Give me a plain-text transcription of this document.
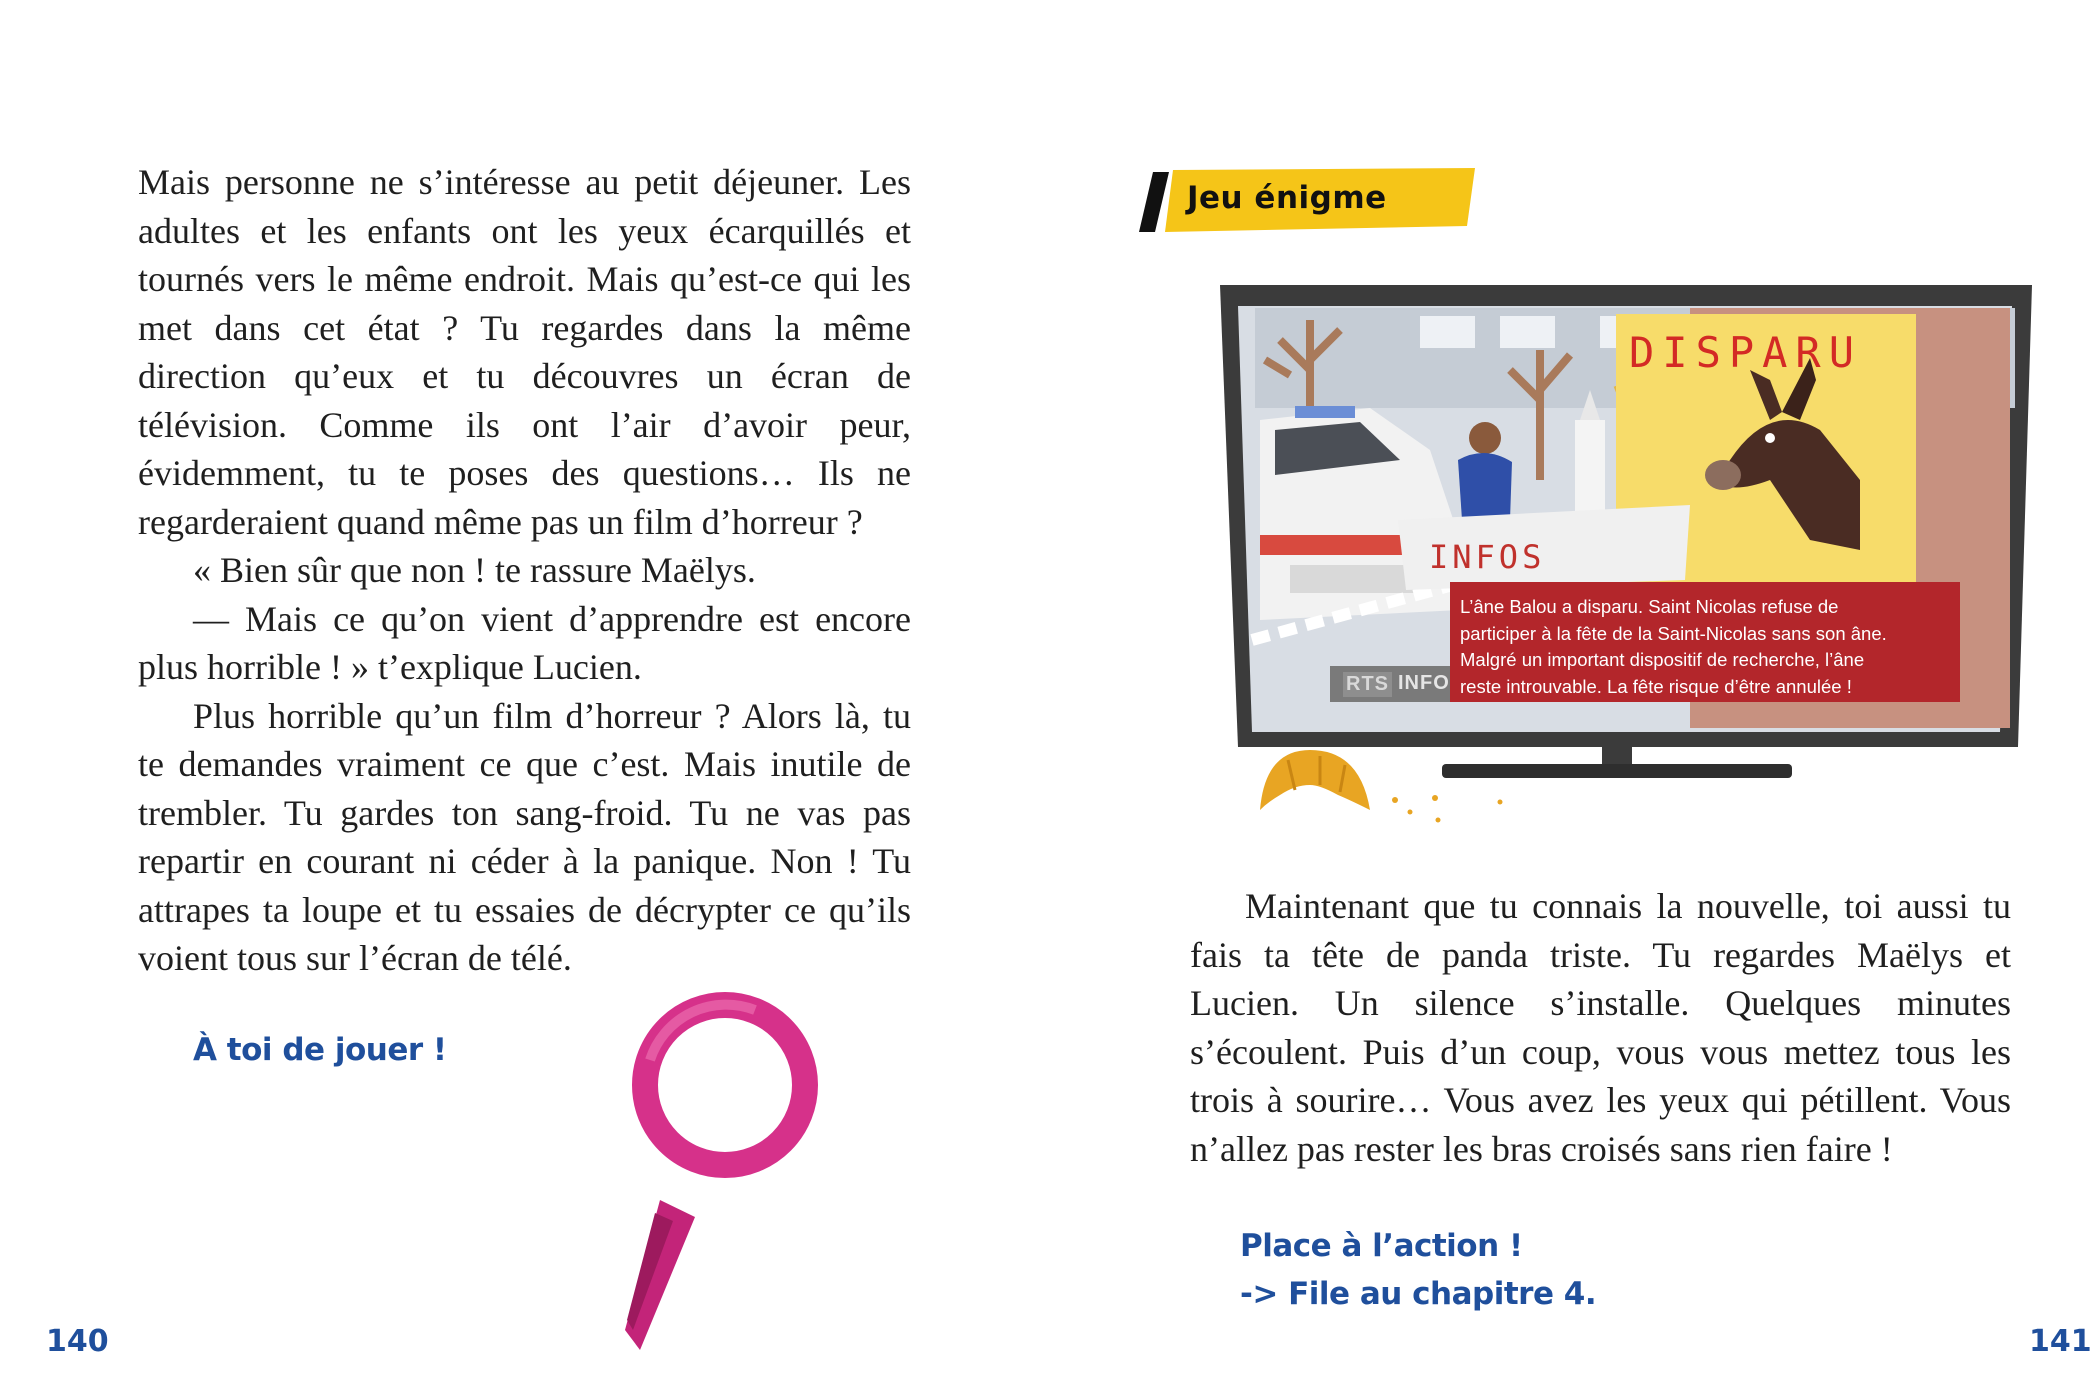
Mais personne ne s’intéresse au petit déjeuner. Les adultes et les enfants ont les yeux écarquillés et tournés vers le même endroit. Mais qu’est-ce qui les met dans cet état ? Tu regardes dans la même direction qu’eux et tu découvres un écran de télévision. Comme ils ont l’air d’avoir peur, évidemment, tu te poses des questions… Ils ne regarderaient quand même pas un film d’horreur ?

« Bien sûr que non ! te rassure Maëlys.

— Mais ce qu’on vient d’apprendre est encore plus horrible ! » t’explique Lucien.

Plus horrible qu’un film d’horreur ? Alors là, tu te demandes vraiment ce que c’est. Mais inutile de trembler. Tu gardes ton sang-froid. Tu ne vas pas repartir en courant ni céder à la panique. Non ! Tu attrapes ta loupe et tu essaies de décrypter ce qu’ils voient tous sur l’écran de télé.

À toi de jouer !
140
Jeu énigme
DISPARU
INFOS
L’âne Balou a disparu. Saint Nicolas refuse de
participer à la fête de la Saint-Nicolas sans son âne.
Malgré un important dispositif de recherche, l’âne
reste introuvable. La fête risque d’être annulée !
RTS INFO

Maintenant que tu connais la nouvelle, toi aussi tu fais ta tête de panda triste. Tu regardes Maëlys et Lucien. Un silence s’installe. Quelques minutes s’écoulent. Puis d’un coup, vous vous mettez tous les trois à sourire… Vous avez les yeux qui pétillent. Vous n’allez pas rester les bras croisés sans rien faire !

Place à l’action !
-> File au chapitre 4.
141
